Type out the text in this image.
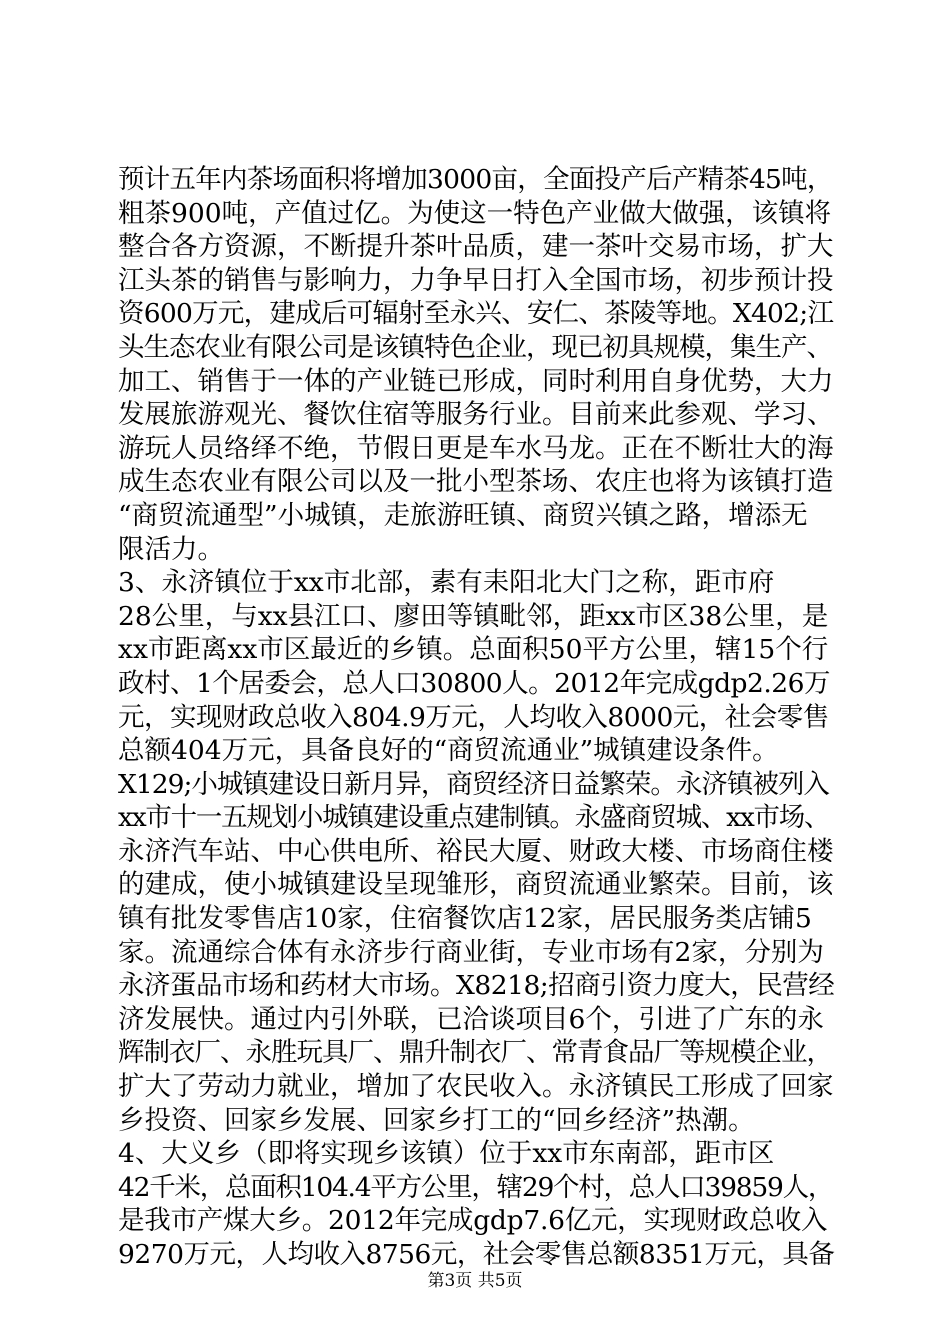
预计五年内茶场面积将增加3000亩，全面投产后产精茶45吨，
粗茶900吨，产值过亿。为使这一特色产业做大做强，该镇将
整合各方资源，不断提升茶叶品质，建一茶叶交易市场，扩大
江头茶的销售与影响力，力争早日打入全国市场，初步预计投
资600万元，建成后可辐射至永兴、安仁、茶陵等地。X402;江
头生态农业有限公司是该镇特色企业，现已初具规模，集生产、
加工、销售于一体的产业链已形成，同时利用自身优势，大力
发展旅游观光、餐饮住宿等服务行业。目前来此参观、学习、
游玩人员络绎不绝，节假日更是车水马龙。正在不断壮大的海
成生态农业有限公司以及一批小型茶场、农庄也将为该镇打造
“商贸流通型”小城镇，走旅游旺镇、商贸兴镇之路，增添无
限活力。
3、永济镇位于xx市北部，素有耒阳北大门之称，距市府
28公里，与xx县江口、廖田等镇毗邻，距xx市区38公里，是
xx市距离xx市区最近的乡镇。总面积50平方公里，辖15个行
政村、1个居委会，总人口30800人。2012年完成gdp2.26万
元，实现财政总收入804.9万元，人均收入8000元，社会零售
总额404万元，具备良好的“商贸流通业”城镇建设条件。
X129;小城镇建设日新月异，商贸经济日益繁荣。永济镇被列入
xx市十一五规划小城镇建设重点建制镇。永盛商贸城、xx市场、
永济汽车站、中心供电所、裕民大厦、财政大楼、市场商住楼
的建成，使小城镇建设呈现雏形，商贸流通业繁荣。目前，该
镇有批发零售店10家，住宿餐饮店12家，居民服务类店铺5
家。流通综合体有永济步行商业街，专业市场有2家，分别为
永济蛋品市场和药材大市场。X8218;招商引资力度大，民营经
济发展快。通过内引外联，已洽谈项目6个，引进了广东的永
辉制衣厂、永胜玩具厂、鼎升制衣厂、常青食品厂等规模企业，
扩大了劳动力就业，增加了农民收入。永济镇民工形成了回家
乡投资、回家乡发展、回家乡打工的“回乡经济”热潮。
4、大义乡（即将实现乡该镇）位于xx市东南部，距市区
42千米，总面积104.4平方公里，辖29个村，总人口39859人，
是我市产煤大乡。2012年完成gdp7.6亿元，实现财政总收入
9270万元，人均收入8756元，社会零售总额8351万元，具备
第3页 共5页
